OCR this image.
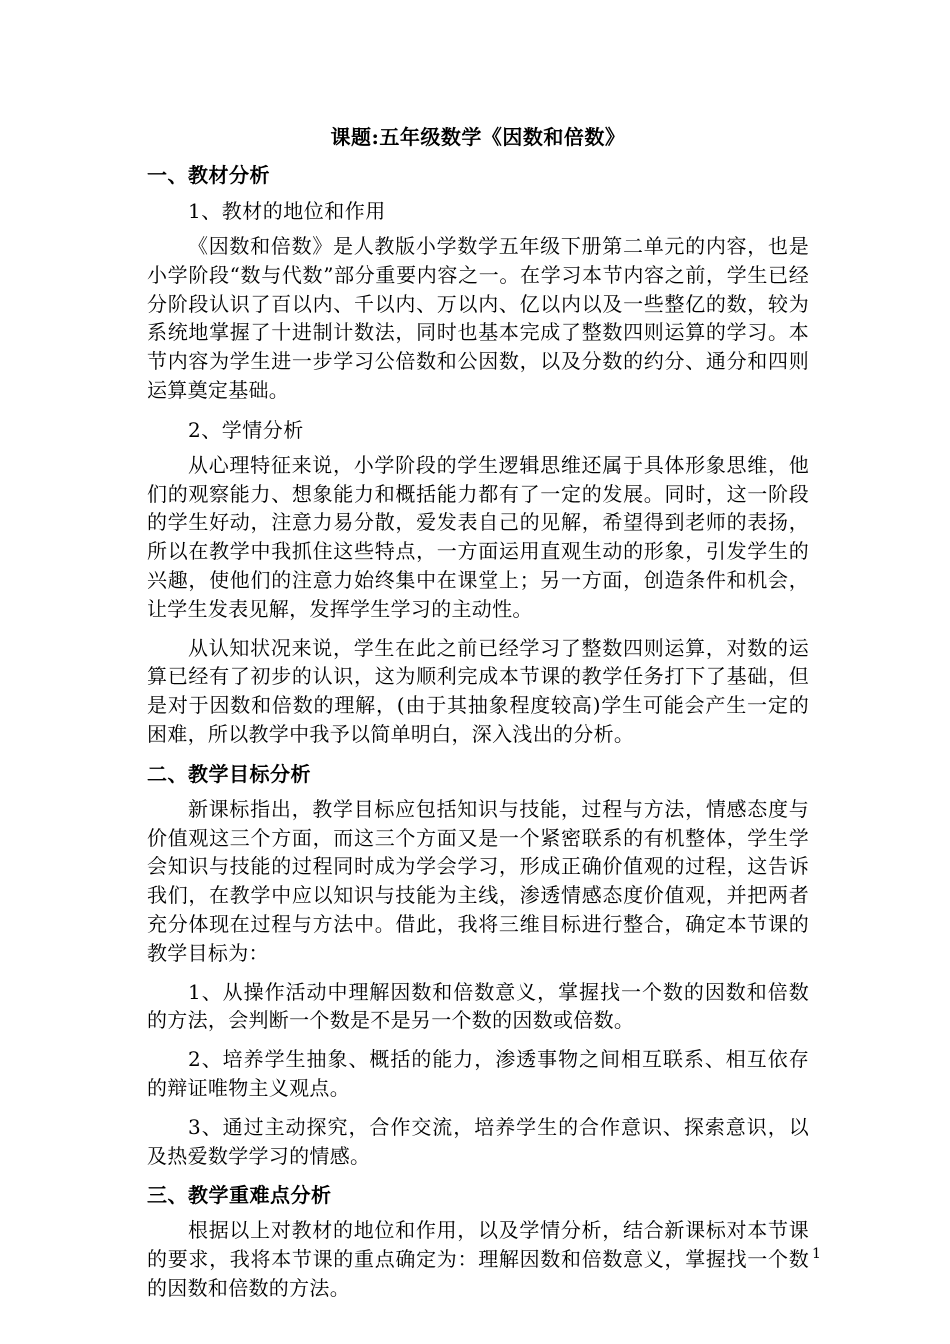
课题:五年级数学《因数和倍数》
一、教材分析
1、教材的地位和作用

《因数和倍数》是人教版小学数学五年级下册第二单元的内容，也是小学阶段“数与代数”部分重要内容之一。在学习本节内容之前，学生已经分阶段认识了百以内、千以内、万以内、亿以内以及一些整亿的数，较为系统地掌握了十进制计数法，同时也基本完成了整数四则运算的学习。本节内容为学生进一步学习公倍数和公因数，以及分数的约分、通分和四则运算奠定基础。

2、学情分析

从心理特征来说，小学阶段的学生逻辑思维还属于具体形象思维，他们的观察能力、想象能力和概括能力都有了一定的发展。同时，这一阶段的学生好动，注意力易分散，爱发表自己的见解，希望得到老师的表扬，所以在教学中我抓住这些特点，一方面运用直观生动的形象，引发学生的兴趣，使他们的注意力始终集中在课堂上；另一方面，创造条件和机会，让学生发表见解，发挥学生学习的主动性。

从认知状况来说，学生在此之前已经学习了整数四则运算，对数的运算已经有了初步的认识，这为顺利完成本节课的教学任务打下了基础，但是对于因数和倍数的理解，(由于其抽象程度较高)学生可能会产生一定的困难，所以教学中我予以简单明白，深入浅出的分析。

二、教学目标分析

新课标指出，教学目标应包括知识与技能，过程与方法，情感态度与价值观这三个方面，而这三个方面又是一个紧密联系的有机整体，学生学会知识与技能的过程同时成为学会学习，形成正确价值观的过程，这告诉我们，在教学中应以知识与技能为主线，渗透情感态度价值观，并把两者充分体现在过程与方法中。借此，我将三维目标进行整合，确定本节课的教学目标为：

1、从操作活动中理解因数和倍数意义，掌握找一个数的因数和倍数的方法，会判断一个数是不是另一个数的因数或倍数。

2、培养学生抽象、概括的能力，渗透事物之间相互联系、相互依存的辩证唯物主义观点。

3、通过主动探究，合作交流，培养学生的合作意识、探索意识，以及热爱数学学习的情感。

三、教学重难点分析

根据以上对教材的地位和作用，以及学情分析，结合新课标对本节课的要求，我将本节课的重点确定为：理解因数和倍数意义，掌握找一个数的因数和倍数的方法。

1
